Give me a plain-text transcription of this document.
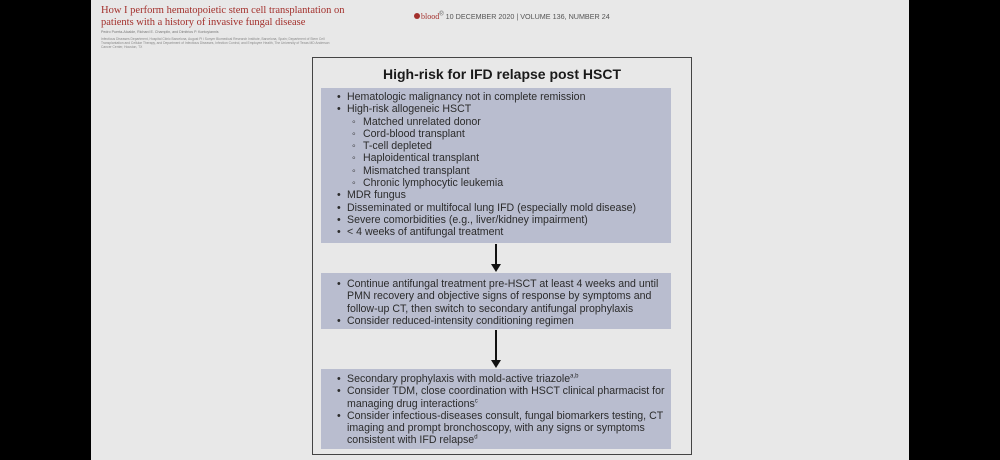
How I perform hematopoietic stem cell transplantation on patients with a history of invasive fungal disease
Pedro Puerta-Alcalde, Richard E. Champlin, and Dimitrios P. Kontoyiannis
Infectious Diseases Department, Hospital Clínic Barcelona, August Pi i Sunyer Biomedical Research Institute, Barcelona, Spain; Department of Stem Cell Transplantation and Cellular Therapy, and Department of Infectious Diseases, Infection Control, and Employee Health, The University of Texas MD Anderson Cancer Center, Houston, TX
blood® 10 DECEMBER 2020 | VOLUME 136, NUMBER 24
High-risk for IFD relapse post HSCT
• Hematologic malignancy not in complete remission
• High-risk allogeneic HSCT
◦ Matched unrelated donor
◦ Cord-blood transplant
◦ T-cell depleted
◦ Haploidentical transplant
◦ Mismatched transplant
◦ Chronic lymphocytic leukemia
• MDR fungus
• Disseminated or multifocal lung IFD (especially mold disease)
• Severe comorbidities (e.g., liver/kidney impairment)
• < 4 weeks of antifungal treatment
• Continue antifungal treatment pre-HSCT at least 4 weeks and until PMN recovery and objective signs of response by symptoms and follow-up CT, then switch to secondary antifungal prophylaxis
• Consider reduced-intensity conditioning regimen
• Secondary prophylaxis with mold-active triazole$^{a,b}$
• Consider TDM, close coordination with HSCT clinical pharmacist for managing drug interactions$^c$
• Consider infectious-diseases consult, fungal biomarkers testing, CT imaging and prompt bronchoscopy, with any signs or symptoms consistent with IFD relapse$^d$
